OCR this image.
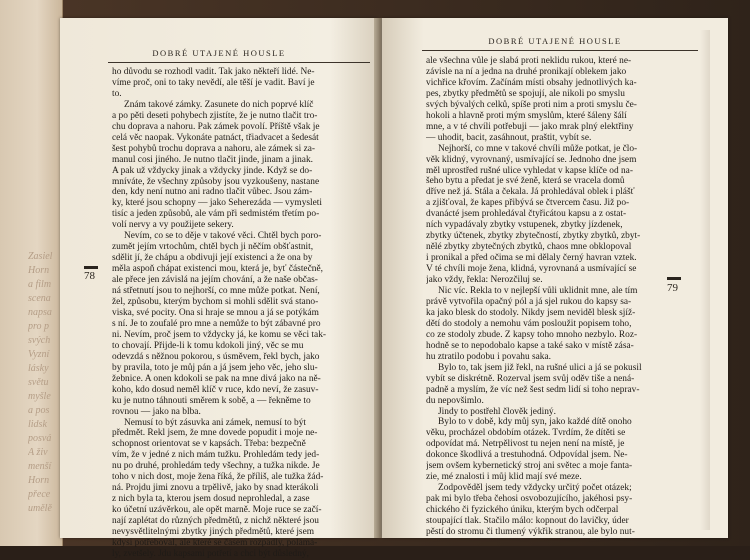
Zasiel
Horn
a film
scena
napsa
pro p
svých
Vyzní
lásky
světu
myšle
a pos
lidsk
posvá
A živ
menší
Horn
přece
umělě
DOBRÉ UTAJENÉ HOUSLE
ho důvodu se rozhodl vadit. Tak jako někteří lidé. Ne-
víme proč, oni to taky nevědí, ale těší je vadit. Baví je
to.
Znám takové zámky. Zasunete do nich poprvé klíč
a po pěti deseti pohybech zjistíte, že je nutno tlačit tro-
chu doprava a nahoru. Pak zámek povolí. Příště však je
celá věc naopak. Vykonáte patnáct, třiadvacet a šedesát
šest pohybů trochu doprava a nahoru, ale zámek si za-
manul cosi jiného. Je nutno tlačit jinde, jinam a jinak.
A pak už vždycky jinak a vždycky jinde. Když se do-
mníváte, že všechny způsoby jsou vyzkoušeny, nastane
den, kdy není nutno ani radno tlačit vůbec. Jsou zám-
ky, které jsou schopny — jako Šeherezáda — vymysleti
tisíc a jeden způsobů, ale vám při sedmistém třetím po-
volí nervy a vy použijete sekery.
Nevím, co se to děje v takové věci. Chtěl bych poro-
zumět jejím vrtochům, chtěl bych ji něčím obšťastnit,
sdělit jí, že chápu a obdivuji její existenci a že ona by
měla aspoň chápat existenci mou, která je, byť částečně,
ale přece jen závislá na jejím chování, a že naše občas-
ná střetnutí jsou to nejhorší, co mne může potkat. Není,
žel, způsobu, kterým bychom si mohli sdělit svá stano-
viska, své pocity. Ona si hraje se mnou a já se potýkám
s ní. Je to zoufalé pro mne a nemůže to být zábavné pro
ni. Nevím, proč jsem to vždycky já, ke komu se věci tak-
to chovají. Přijde-li k tomu kdokoli jiný, věc se mu
odevzdá s něžnou pokorou, s úsměvem, řekl bych, jako
by pravila, toto je můj pán a já jsem jeho věc, jeho slu-
žebnice. A onen kdokoli se pak na mne divá jako na ně-
koho, kdo dosud neměl klíč v ruce, kdo neví, že zasuv-
ku je nutno táhnouti směrem k sobě, a — řekněme to
rovnou — jako na blba.
Nemusí to být zásuvka ani zámek, nemusí to být
předmět. Řekl jsem, že mne dovede popudit i moje ne-
schopnost orientovat se v kapsách. Třeba: bezpečně
vím, že v jedné z nich mám tužku. Prohledám tedy jed-
nu po druhé, prohledám tedy všechny, a tužka nikde. Je
toho v nich dost, moje žena říká, že příliš, ale tužka žád-
ná. Projdu jimi znovu a trpělivě, jako by snad kterákoli
z nich byla ta, kterou jsem dosud neprohledal, a zase
ko účetní uzávěrkou, ale opět marně. Moje ruce se začí-
nají zaplétat do různých předmětů, z nichž některé jsou
nevysvětlitelnými zbytky jiných předmětů, které jsem
kdysi potřeboval, ale které se časem rozpadly, polámá-
ly, zvetšely. Jdu kapsami potřetí a chci být důsledný,
DOBRÉ UTAJENÉ HOUSLE
ale všechna vůle je slabá proti neklidu rukou, které ne-
závisle na ní a jedna na druhé pronikají oblekem jako
vichřice křovím. Začínám místi obsahy jednotlivých ka-
pes, zbytky předmětů se spojují, ale nikoli po smyslu
svých bývalých celků, spíše proti nim a proti smyslu če-
hokoli a hlavně proti mým smyslům, které šáleny šálí
mne, a v té chvíli potřebuji — jako mrak plný elektřiny
— uhodit, bacit, zasáhnout, praštit, vybít se.
Nejhorší, co mne v takové chvíli může potkat, je člo-
věk klidný, vyrovnaný, usmívající se. Jednoho dne jsem
měl uprostřed rušné ulice vyhledat v kapse klíče od na-
šeho bytu a předat je své ženě, která se vracela domů
dříve než já. Stála a čekala. Já prohledával oblek i plášť
a zjišťoval, že kapes přibývá se čtvercem času. Již po-
dvanácté jsem prohledával čtyřicátou kapsu a z ostat-
ních vypadávaly zbytky vstupenek, zbytky jízdenek,
zbytky účtenek, zbytky zbytečností, zbytky zbytků, zbyt-
nělé zbytky zbytečných zbytků, chaos mne obklopoval
i pronikal a před očima se mi dělaly černý havran vztek.
V té chvíli moje žena, klidná, vyrovnaná a usmívající se
jako vždy, řekla: Nerozčiluj se.
Nic víc. Řekla to v nejlepší vůli uklidnit mne, ale tím
právě vytvořila opačný pól a já sjel rukou do kapsy sa-
ka jako blesk do stodoly. Nikdy jsem neviděl blesk sjíž-
dětí do stodoly a nemohu vám posloužit popisem toho,
co ze stodoly zbude. Z kapsy toho mnoho nezbylo. Roz-
hodně se to nepodobalo kapse a také sako v místě zása-
hu ztratilo podobu i povahu saka.
Bylo to, tak jsem již řekl, na rušné ulici a já se pokusil
vybít se diskrétně. Rozerval jsem svůj oděv tiše a nená-
padně a myslím, že víc než šest sedm lidí si toho neprav-
du nepovšimlo.
Jindy to postřehl člověk jediný.
Bylo to v době, kdy můj syn, jako každé dítě onoho
věku, procházel obdobím otázek. Tvrdím, že dítěti se
odpovídat má. Netrpělivost tu nejen není na místě, je
dokonce škodlivá a trestuhodná. Odpovídal jsem. Ne-
jsem ovšem kybernetický stroj ani světec a moje fanta-
zie, mé znalosti i můj klid mají své meze.
Zodpověděl jsem tedy vždycky určitý počet otázek;
pak mi bylo třeba čehosi osvobozujícího, jakéhosi psy-
chického či fyzického úniku, kterým bych odčerpal
stoupající tlak. Stačilo málo: kopnout do lavičky, úder
pěstí do stromu či tlumený výkřik stranou, ale bylo nut-
78
79
